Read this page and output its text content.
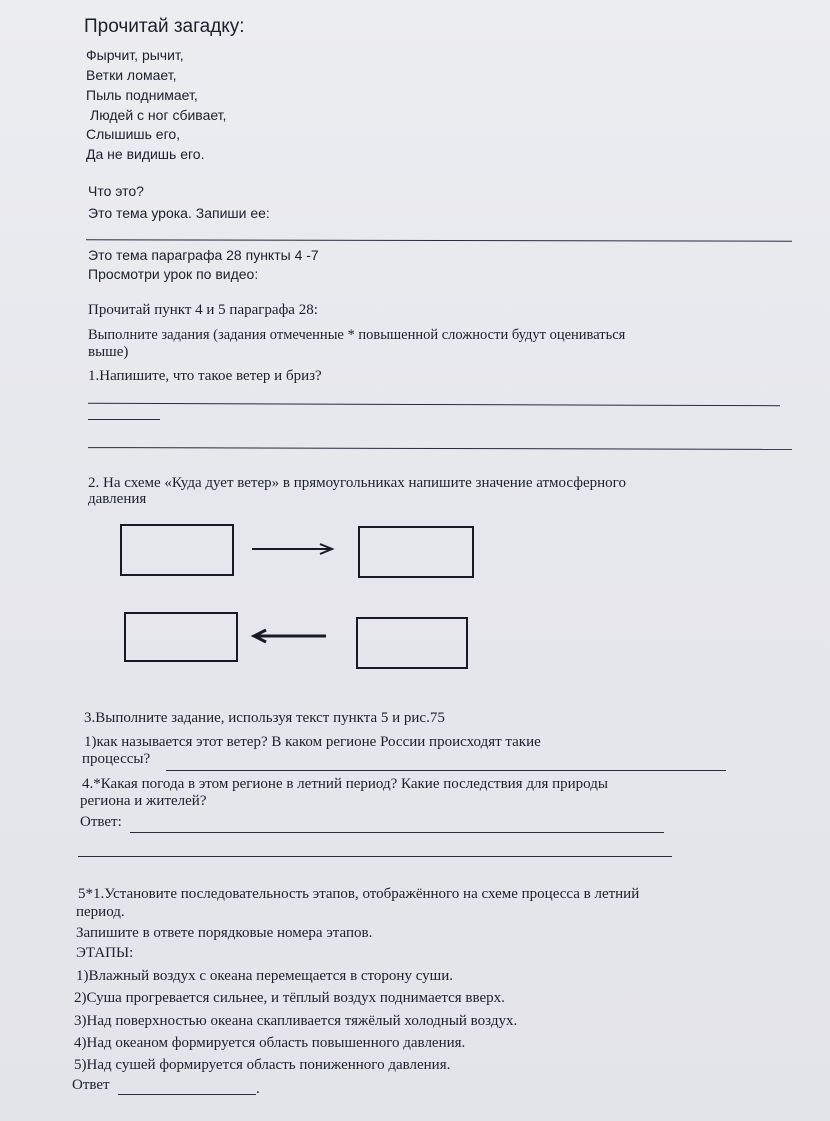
Прочитай загадку:
Фырчит, рычит,
Ветки ломает,
Пыль поднимает,
Людей с ног сбивает,
Слышишь его,
Да не видишь его.
Что это?
Это тема урока. Запиши ее:
Это тема параграфа 28 пункты 4 -7
Просмотри урок по видео:
Прочитай пункт 4 и 5 параграфа 28:
Выполните задания (задания отмеченные * повышенной сложности будут оцениваться
выше)
1.Напишите, что такое ветер и бриз?
2. На схеме «Куда дует ветер» в прямоугольниках напишите значение атмосферного
давления
3.Выполните задание, используя текст пункта 5 и рис.75
1)как называется этот ветер? В каком регионе России происходят такие
процессы?
4.*Какая погода в этом регионе в летний период? Какие последствия для природы
региона и жителей?
Ответ:
5*1.Установите последовательность этапов, отображённого на схеме процесса в летний
период.
Запишите в ответе порядковые номера этапов.
ЭТАПЫ:
1)Влажный воздух с океана перемещается в сторону суши.
2)Суша прогревается сильнее, и тёплый воздух поднимается вверх.
3)Над поверхностью океана скапливается тяжёлый холодный воздух.
4)Над океаном формируется область повышенного давления.
5)Над сушей формируется область пониженного давления.
Ответ	.
